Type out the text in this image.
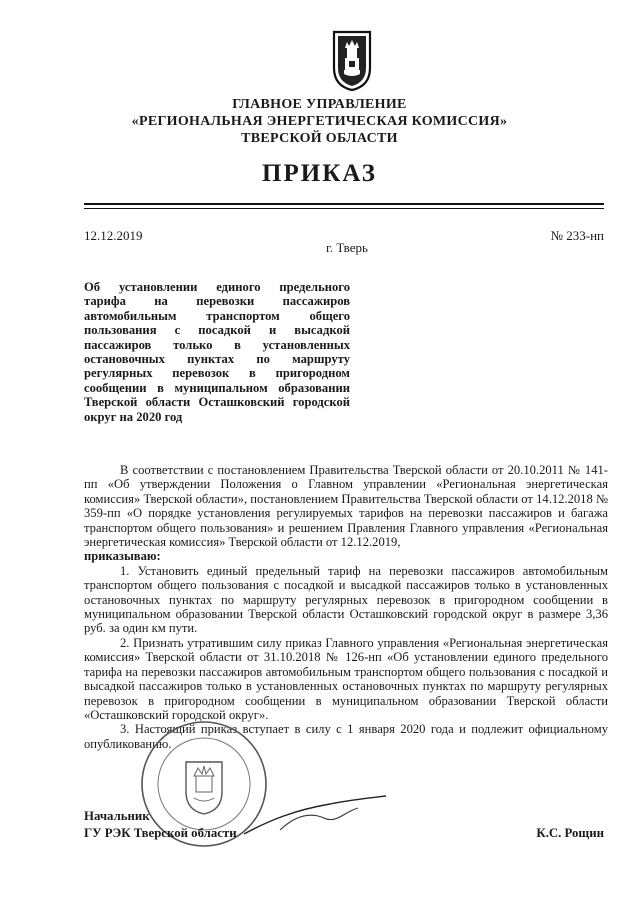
ГЛАВНОЕ УПРАВЛЕНИЕ
«РЕГИОНАЛЬНАЯ ЭНЕРГЕТИЧЕСКАЯ КОМИССИЯ»
ТВЕРСКОЙ ОБЛАСТИ
ПРИКАЗ
12.12.2019	№ 233-нп
г. Тверь
Об установлении единого предельного
тарифа на перевозки пассажиров
автомобильным транспортом общего
пользования с посадкой и высадкой
пассажиров только в установленных
остановочных пунктах по маршруту
регулярных перевозок в пригородном
сообщении в муниципальном образовании
Тверской области Осташковский городской
округ на 2020 год

В соответствии с постановлением Правительства Тверской области от 20.10.2011 № 141-пп «Об утверждении Положения о Главном управлении «Региональная энергетическая комиссия» Тверской области», постановлением Правительства Тверской области от 14.12.2018 № 359-пп «О порядке установления регулируемых тарифов на перевозки пассажиров и багажа транспортом общего пользования» и решением Правления Главного управления «Региональная энергетическая комиссия» Тверской области от 12.12.2019,

приказываю:

1. Установить единый предельный тариф на перевозки пассажиров автомобильным транспортом общего пользования с посадкой и высадкой пассажиров только в установленных остановочных пунктах по маршруту регулярных перевозок в пригородном сообщении в муниципальном образовании Тверской области Осташковский городской округ в размере 3,36 руб. за один км пути.

2. Признать утратившим силу приказ Главного управления «Региональная энергетическая комиссия» Тверской области от 31.10.2018 № 126-нп «Об установлении единого предельного тарифа на перевозки пассажиров автомобильным транспортом общего пользования с посадкой и высадкой пассажиров только в установленных остановочных пунктах по маршруту регулярных перевозок в пригородном сообщении в муниципальном образовании Тверской области «Осташковский городской округ».

3. Настоящий приказ вступает в силу с 1 января 2020 года и подлежит официальному опубликованию.

Начальник
ГУ РЭК Тверской области	К.С. Рощин
